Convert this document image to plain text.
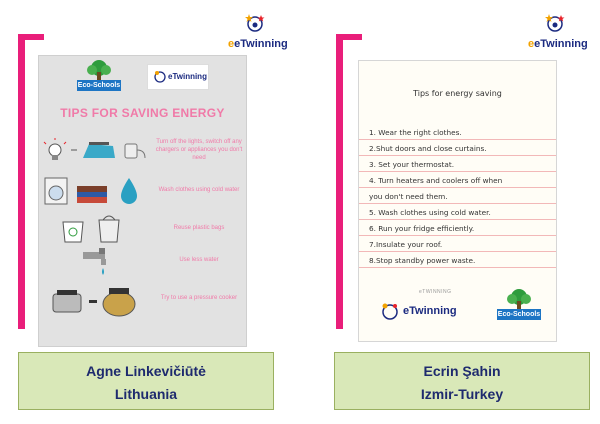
eeTwinning
Eco-Schools
eTwinning
TIPS FOR SAVING ENERGY
Turn off the lights, switch off any chargers or appliances you don't need
Wash clothes using cold water
Reuse plastic bags
Use less water
Try to use a pressure cooker
Agne Linkevičiūtė
Lithuania
eeTwinning
Tips for energy saving
1. Wear the right clothes.
2.Shut doors and close curtains.
3. Set your thermostat.
4. Turn heaters and coolers off when
you don't need them.
5. Wash clothes using cold water.
6. Run your fridge efficiently.
7.Insulate your roof.
8.Stop standby power waste.
eTWINNING
eTwinning	Eco-Schools
Ecrin Şahin
Izmir-Turkey
